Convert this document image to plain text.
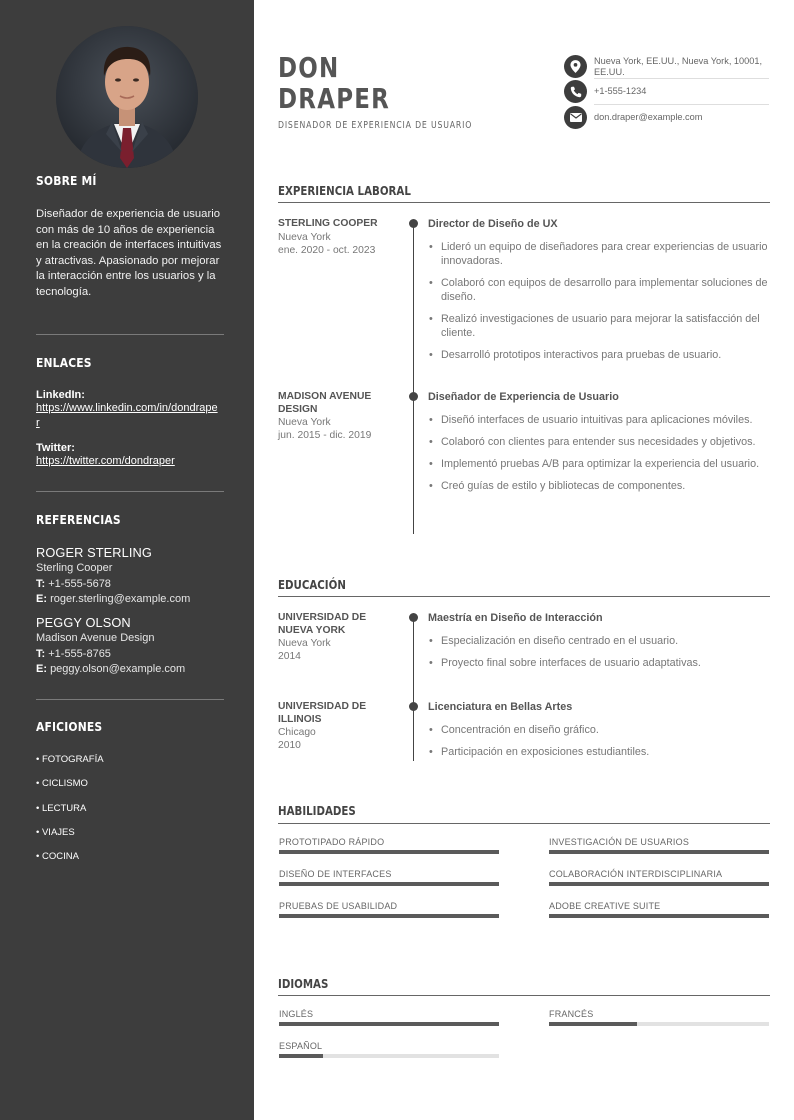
SOBRE MÍ
Diseñador de experiencia de usuario con más de 10 años de experiencia en la creación de interfaces intuitivas y atractivas. Apasionado por mejorar la interacción entre los usuarios y la tecnología.
ENLACES
LinkedIn:
https://www.linkedin.com/in/dondraper
Twitter:
https://twitter.com/dondraper
REFERENCIAS
ROGER STERLING
Sterling Cooper
T: +1-555-5678
E: roger.sterling@example.com
PEGGY OLSON
Madison Avenue Design
T: +1-555-8765
E: peggy.olson@example.com
AFICIONES
• FOTOGRAFÍA
• CICLISMO
• LECTURA
• VIAJES
• COCINA
DON
DRAPER
DISEÑADOR DE EXPERIENCIA DE USUARIO
Nueva York, EE.UU., Nueva York, 10001, EE.UU.
+1-555-1234
don.draper@example.com
EXPERIENCIA LABORAL
STERLING COOPER
Nueva York
ene. 2020 - oct. 2023
Director de Diseño de UX
• Lideró un equipo de diseñadores para crear experiencias de usuario innovadoras.
• Colaboró con equipos de desarrollo para implementar soluciones de diseño.
• Realizó investigaciones de usuario para mejorar la satisfacción del cliente.
• Desarrolló prototipos interactivos para pruebas de usuario.
MADISON AVENUE DESIGN
Nueva York
jun. 2015 - dic. 2019
Diseñador de Experiencia de Usuario
• Diseñó interfaces de usuario intuitivas para aplicaciones móviles.
• Colaboró con clientes para entender sus necesidades y objetivos.
• Implementó pruebas A/B para optimizar la experiencia del usuario.
• Creó guías de estilo y bibliotecas de componentes.
EDUCACIÓN
UNIVERSIDAD DE NUEVA YORK
Nueva York
2014
Maestría en Diseño de Interacción
• Especialización en diseño centrado en el usuario.
• Proyecto final sobre interfaces de usuario adaptativas.
UNIVERSIDAD DE ILLINOIS
Chicago
2010
Licenciatura en Bellas Artes
• Concentración en diseño gráfico.
• Participación en exposiciones estudiantiles.
HABILIDADES
PROTOTIPADO RÁPIDO	INVESTIGACIÓN DE USUARIOS
DISEÑO DE INTERFACES	COLABORACIÓN INTERDISCIPLINARIA
PRUEBAS DE USABILIDAD	ADOBE CREATIVE SUITE
IDIOMAS
INGLÉS	FRANCÉS
ESPAÑOL
